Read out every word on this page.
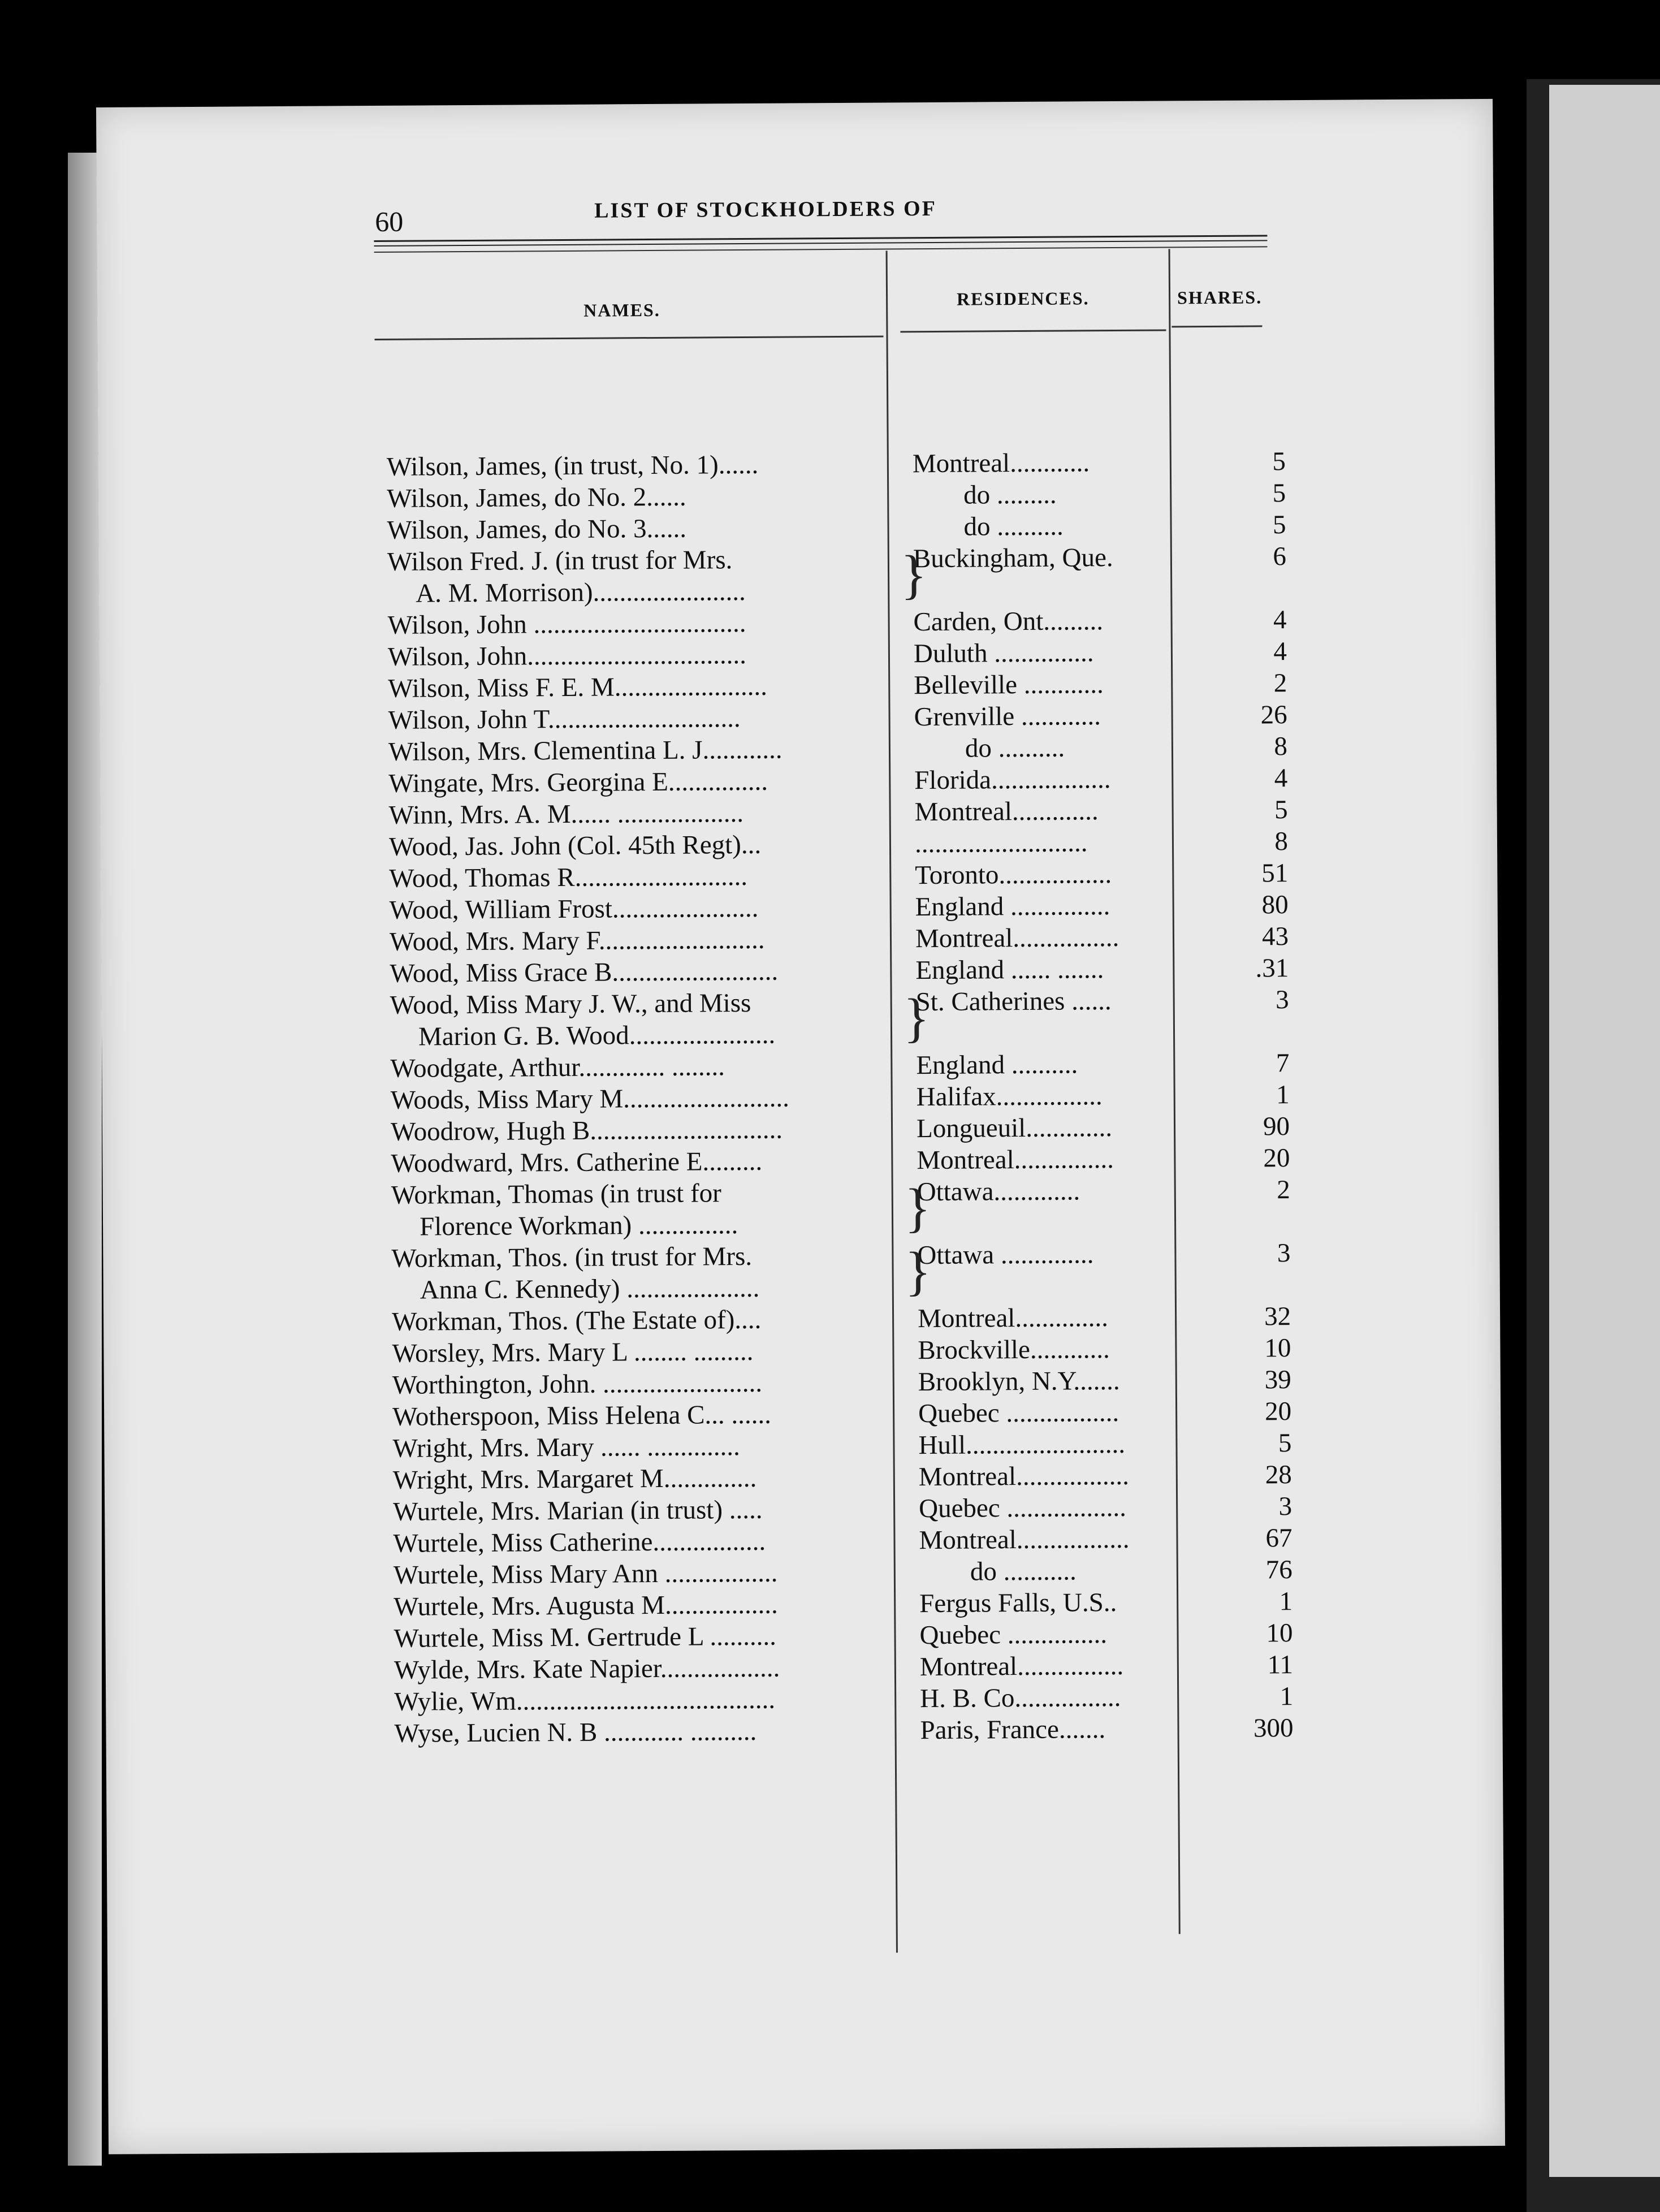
60	LIST OF STOCKHOLDERS OF
NAMES.
RESIDENCES.	SHARES.
Wilson, James, (in trust, No. 1)......	Montreal............	5
Wilson, James, do No. 2......	do .........	5
Wilson, James, do No. 3......	do ..........	5
Wilson Fred. J. (in trust for Mrs.	Buckingham, Que.	6
A. M. Morrison).......................
Wilson, John ................................	Carden, Ont.........	4
Wilson, John.................................	Duluth ...............	4
Wilson, Miss F. E. M.......................	Belleville ............	2
Wilson, John T.............................	Grenville ............	26
Wilson, Mrs. Clementina L. J............	do ..........	8
Wingate, Mrs. Georgina E...............	Florida..................	4
Winn, Mrs. A. M...... ...................	Montreal.............	5
Wood, Jas. John (Col. 45th Regt)...	..........................	8
Wood, Thomas R..........................	Toronto.................	51
Wood, William Frost......................	England ...............	80
Wood, Mrs. Mary F.........................	Montreal................	43
Wood, Miss Grace B.........................	England ...... .......	.31
Wood, Miss Mary J. W., and Miss	St. Catherines ......	3
Marion G. B. Wood......................
Woodgate, Arthur............. ........	England ..........	7
Woods, Miss Mary M.........................	Halifax................	1
Woodrow, Hugh B.............................	Longueuil.............	90
Woodward, Mrs. Catherine E.........	Montreal...............	20
Workman, Thomas (in trust for	Ottawa.............	2
Florence Workman) ...............
Workman, Thos. (in trust for Mrs.	Ottawa ..............	3
Anna C. Kennedy) ....................
Workman, Thos. (The Estate of)....	Montreal..............	32
Worsley, Mrs. Mary L ........ .........	Brockville............	10
Worthington, John. ........................	Brooklyn, N.Y.......	39
Wotherspoon, Miss Helena C... ......	Quebec .................	20
Wright, Mrs. Mary ...... ..............	Hull........................	5
Wright, Mrs. Margaret M..............	Montreal.................	28
Wurtele, Mrs. Marian (in trust) .....	Quebec ..................	3
Wurtele, Miss Catherine.................	Montreal.................	67
Wurtele, Miss Mary Ann .................	do ...........	76
Wurtele, Mrs. Augusta M.................	Fergus Falls, U.S..	1
Wurtele, Miss M. Gertrude L ..........	Quebec ...............	10
Wylde, Mrs. Kate Napier..................	Montreal................	11
Wylie, Wm.......................................	H. B. Co................	1
Wyse, Lucien N. B ............ ..........	Paris, France.......	300
}
}
}
}
